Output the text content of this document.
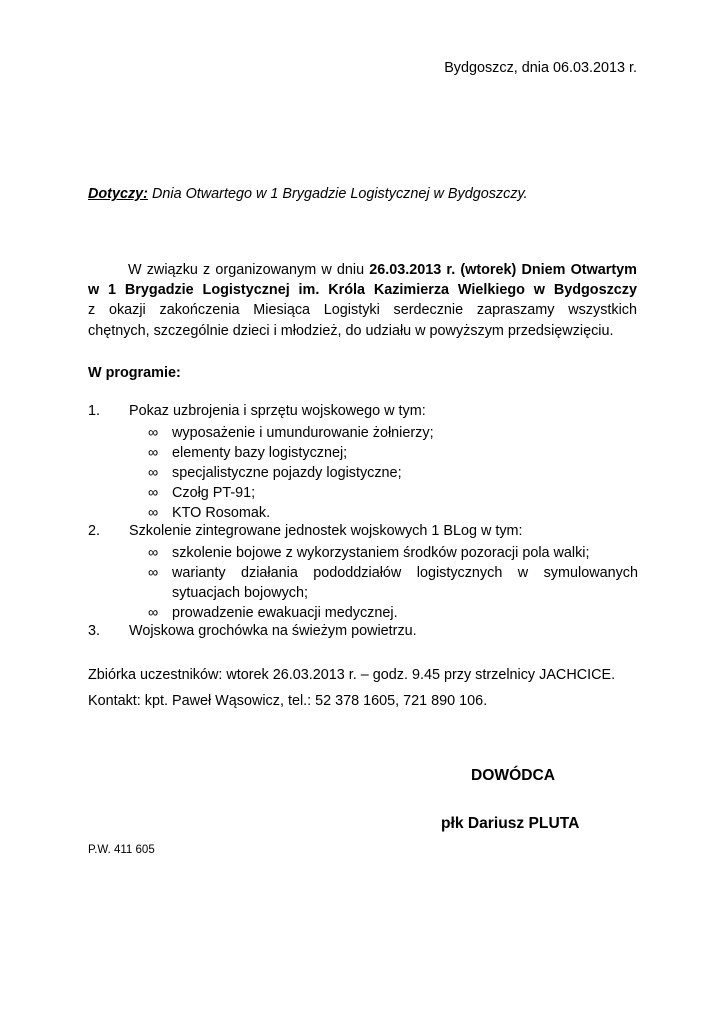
Bydgoszcz, dnia 06.03.2013 r.
Dotyczy: Dnia Otwartego w 1 Brygadzie Logistycznej w Bydgoszczy.
W związku z organizowanym w dniu 26.03.2013 r. (wtorek) Dniem Otwartym
w 1 Brygadzie Logistycznej im. Króla Kazimierza Wielkiego w Bydgoszczy
z okazji zakończenia Miesiąca Logistyki serdecznie zapraszamy wszystkich
chętnych, szczególnie dzieci i młodzież, do udziału w powyższym przedsięwzięciu.
W programie:
1. Pokaz uzbrojenia i sprzętu wojskowego w tym:
∞ wyposażenie i umundurowanie żołnierzy;
∞ elementy bazy logistycznej;
∞ specjalistyczne pojazdy logistyczne;
∞ Czołg PT-91;
∞ KTO Rosomak.
2. Szkolenie zintegrowane jednostek wojskowych 1 BLog w tym:
∞ szkolenie bojowe z wykorzystaniem środków pozoracji pola walki;
∞ warianty działania pododdziałów logistycznych w symulowanych
sytuacjach bojowych;
∞ prowadzenie ewakuacji medycznej.
3. Wojskowa grochówka na świeżym powietrzu.
Zbiórka uczestników: wtorek 26.03.2013 r. – godz. 9.45 przy strzelnicy JACHCICE.
Kontakt: kpt. Paweł Wąsowicz, tel.: 52 378 1605, 721 890 106.
DOWÓDCA
płk Dariusz PLUTA
P.W. 411 605
